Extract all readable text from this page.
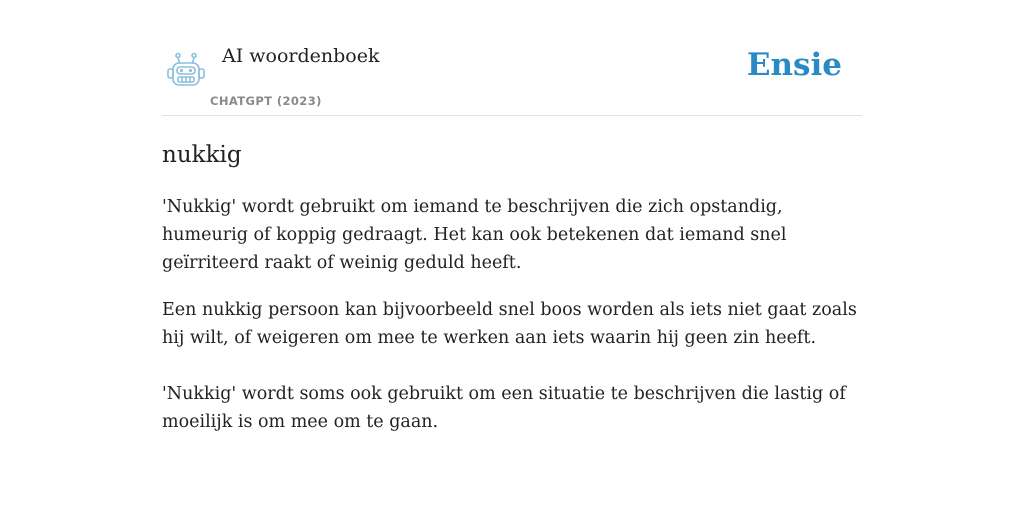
AI woordenboek
CHATGPT (2023)
Ensie
nukkig

'Nukkig' wordt gebruikt om iemand te beschrijven die zich opstandig, humeurig of koppig gedraagt. Het kan ook betekenen dat iemand snel geïrriteerd raakt of weinig geduld heeft.

Een nukkig persoon kan bijvoorbeeld snel boos worden als iets niet gaat zoals hij wilt, of weigeren om mee te werken aan iets waarin hij geen zin heeft.

'Nukkig' wordt soms ook gebruikt om een situatie te beschrijven die lastig of moeilijk is om mee om te gaan.
